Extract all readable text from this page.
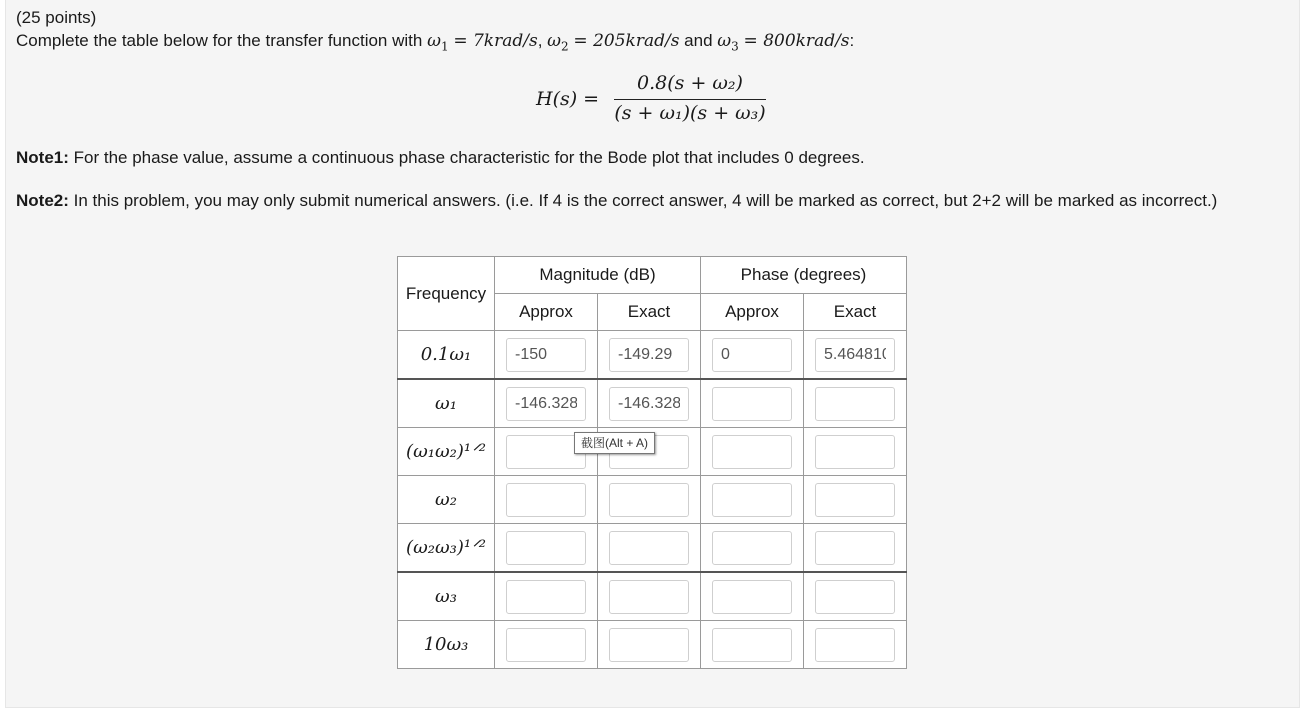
(25 points)
Complete the table below for the transfer function with $\omega_1$ = 7krad/s, $\omega_2$ = 205krad/s and $\omega_3$ = 800krad/s:
H(s) =
0.8(s + ω₂)
(s + ω₁)(s + ω₃)
Note1: For the phase value, assume a continuous phase characteristic for the Bode plot that includes 0 degrees.
Note2: In this problem, you may only submit numerical answers. (i.e. If 4 is the correct answer, 4 will be marked as correct, but 2+2 will be marked as incorrect.)
Frequency	Magnitude (dB)		Phase (degrees)	
	Approx	Exact	Approx	Exact
0.1ω₁	-150	-149.29	0	5.464810
ω₁	-146.328	-146.328		
(ω₁ω₂)¹ᐟ²				
ω₂				
(ω₂ω₃)¹ᐟ²				
ω₃				
10ω₃				
截图(Alt + A)
